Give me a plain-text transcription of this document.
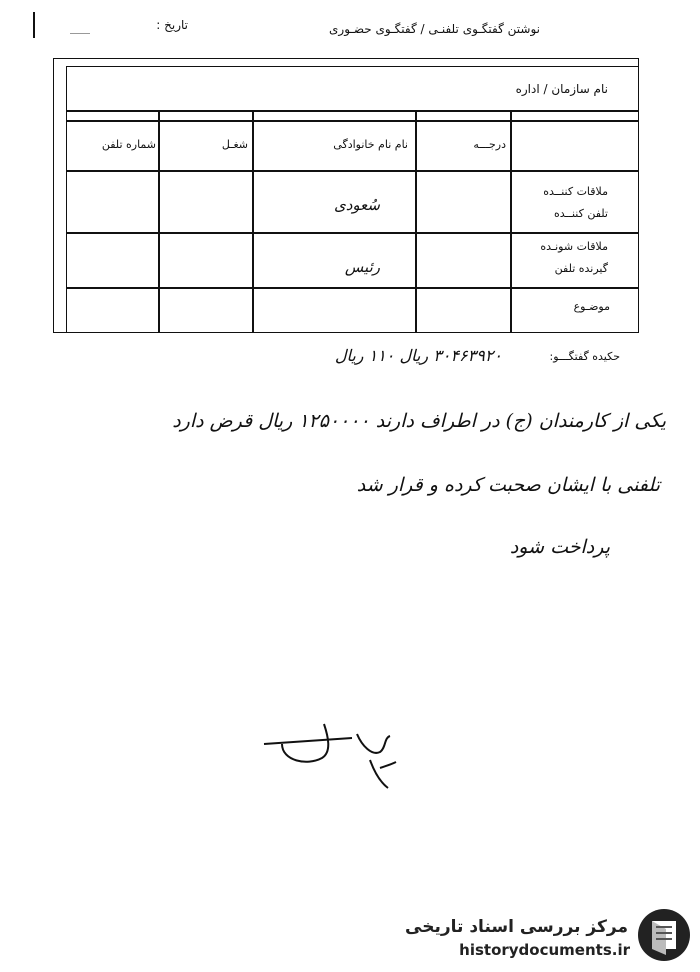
تاریخ :	نوشتن گفتگـوی تلفنـی / گفتگـوی حضـوری
نام سازمان / اداره
درجـــه
نام نام خانوادگی
شغـل
شماره تلفن
ملاقات کننــده
تلفن کننــده
سُعودی
ملاقات شونـده
گیرنده تلفن
رئیس
موضـوع
حکیده گفتگـــو:
۳۰۴۶۳۹۲۰ ریال ۱۱۰ ریال
یکی از کارمندان (ج) در اطراف دارند ۱۲۵۰۰۰۰ ریال قرض دارد
تلفنی با ایشان صحبت کرده و قرار شد
پرداخت شود
مرکز بررسی اسناد تاریخی
historydocuments.ir
